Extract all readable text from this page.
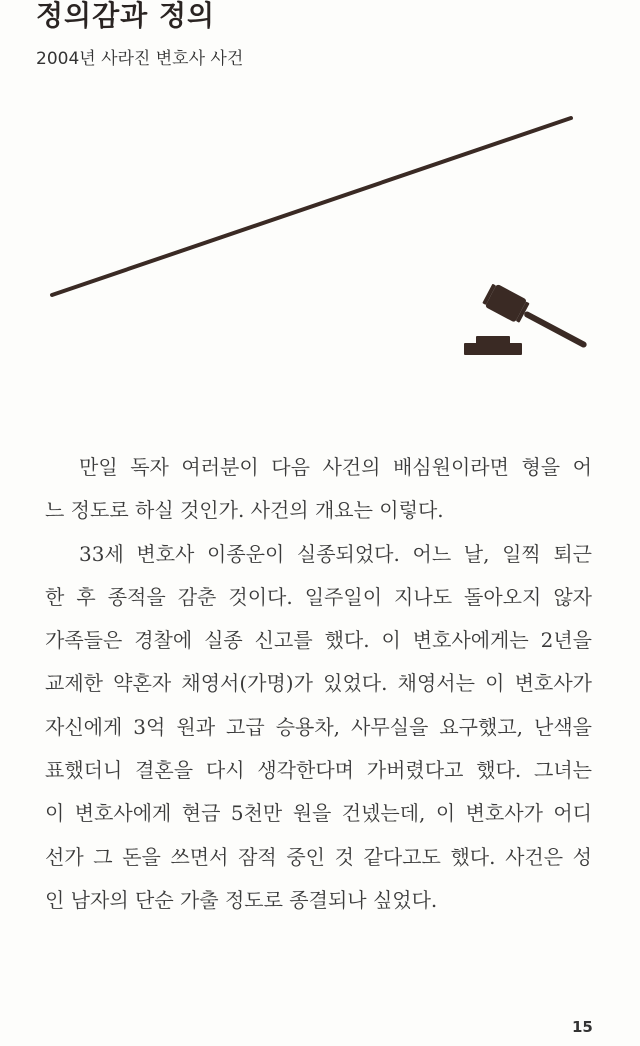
정의감과 정의
2004년 사라진 변호사 사건
만일 독자 여러분이 다음 사건의 배심원이라면 형을 어
느 정도로 하실 것인가. 사건의 개요는 이렇다.
33세 변호사 이종운이 실종되었다. 어느 날, 일찍 퇴근
한 후 종적을 감춘 것이다. 일주일이 지나도 돌아오지 않자
가족들은 경찰에 실종 신고를 했다. 이 변호사에게는 2년을
교제한 약혼자 채영서(가명)가 있었다. 채영서는 이 변호사가
자신에게 3억 원과 고급 승용차, 사무실을 요구했고, 난색을
표했더니 결혼을 다시 생각한다며 가버렸다고 했다. 그녀는
이 변호사에게 현금 5천만 원을 건넸는데, 이 변호사가 어디
선가 그 돈을 쓰면서 잠적 중인 것 같다고도 했다. 사건은 성
인 남자의 단순 가출 정도로 종결되나 싶었다.
15
